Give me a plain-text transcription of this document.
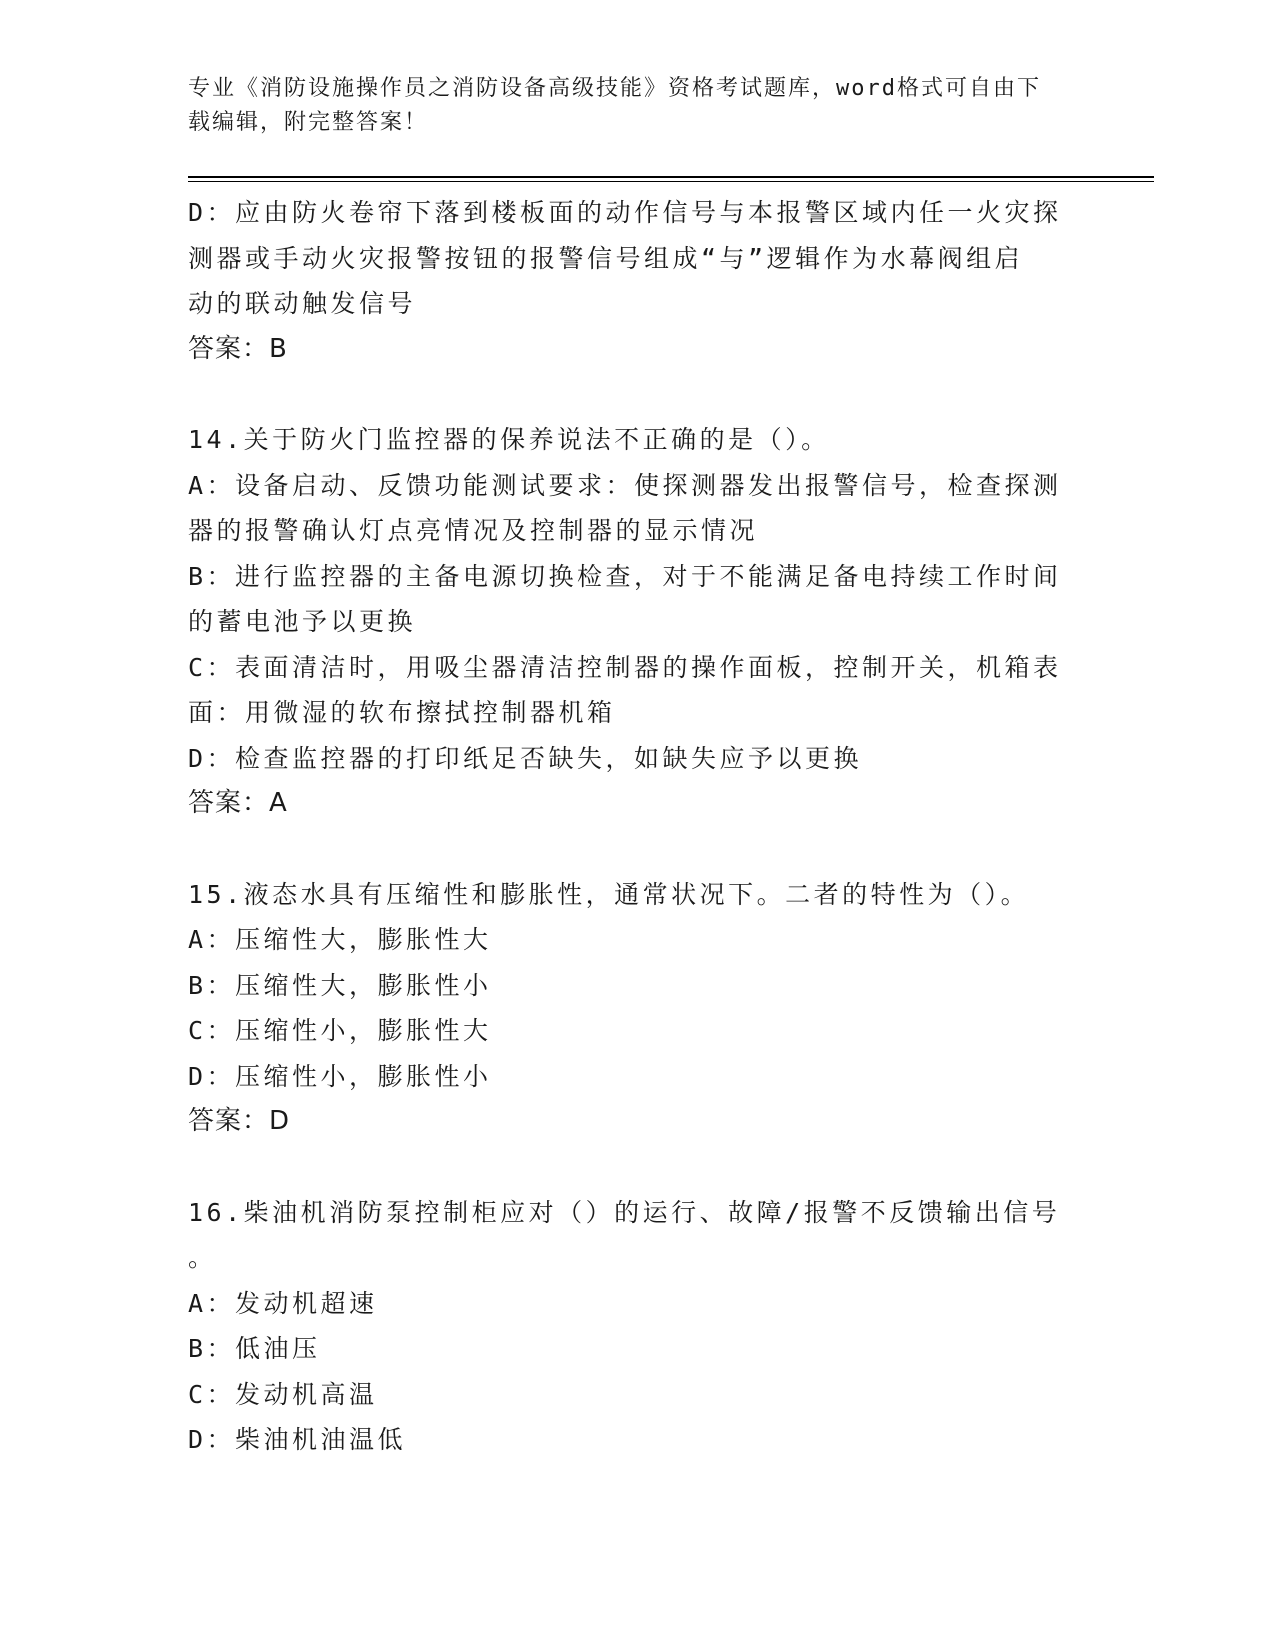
专业《消防设施操作员之消防设备高级技能》资格考试题库，word格式可自由下
载编辑，附完整答案！
D：应由防火卷帘下落到楼板面的动作信号与本报警区域内任一火灾探
测器或手动火灾报警按钮的报警信号组成“与”逻辑作为水幕阀组启
动的联动触发信号
答案：B
14.关于防火门监控器的保养说法不正确的是（）。
A：设备启动、反馈功能测试要求：使探测器发出报警信号，检查探测
器的报警确认灯点亮情况及控制器的显示情况
B：进行监控器的主备电源切换检查，对于不能满足备电持续工作时间
的蓄电池予以更换
C：表面清洁时，用吸尘器清洁控制器的操作面板，控制开关，机箱表
面：用微湿的软布擦拭控制器机箱
D：检查监控器的打印纸足否缺失，如缺失应予以更换
答案：A
15.液态水具有压缩性和膨胀性，通常状况下。二者的特性为（）。
A：压缩性大，膨胀性大
B：压缩性大，膨胀性小
C：压缩性小，膨胀性大
D：压缩性小，膨胀性小
答案：D
16.柴油机消防泵控制柜应对（）的运行、故障/报警不反馈输出信号
。
A：发动机超速
B：低油压
C：发动机高温
D：柴油机油温低
